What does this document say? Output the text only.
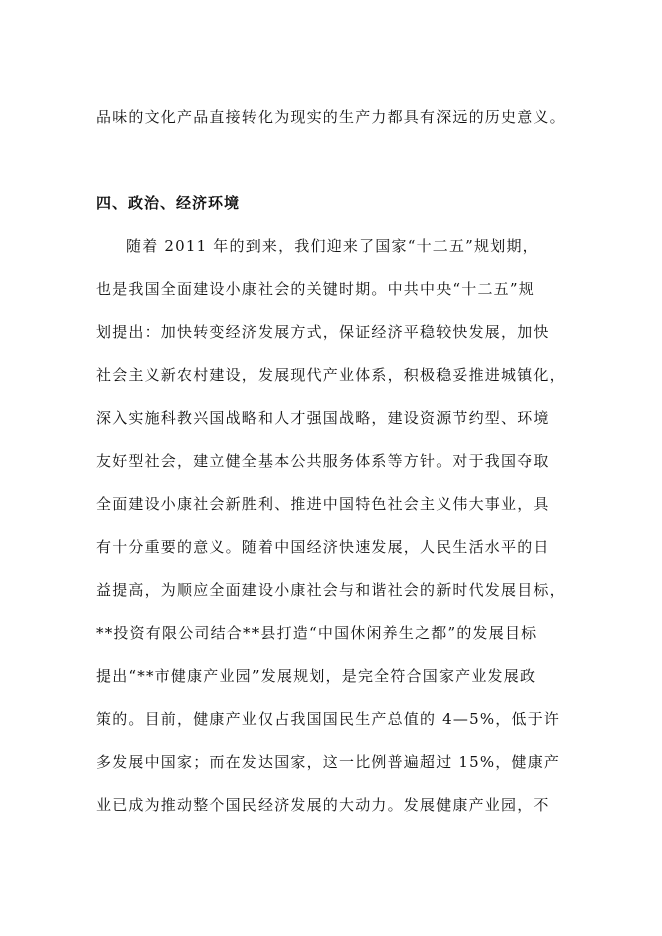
品味的文化产品直接转化为现实的生产力都具有深远的历史意义。
四、政治、经济环境
随着 2011 年的到来，我们迎来了国家“十二五”规划期，
也是我国全面建设小康社会的关键时期。中共中央“十二五”规
划提出：加快转变经济发展方式，保证经济平稳较快发展，加快
社会主义新农村建设，发展现代产业体系，积极稳妥推进城镇化，
深入实施科教兴国战略和人才强国战略，建设资源节约型、环境
友好型社会，建立健全基本公共服务体系等方针。对于我国夺取
全面建设小康社会新胜利、推进中国特色社会主义伟大事业，具
有十分重要的意义。随着中国经济快速发展，人民生活水平的日
益提高，为顺应全面建设小康社会与和谐社会的新时代发展目标，
**投资有限公司结合**县打造“中国休闲养生之都”的发展目标
提出“**市健康产业园”发展规划，是完全符合国家产业发展政
策的。目前，健康产业仅占我国国民生产总值的 4—5%，低于许
多发展中国家；而在发达国家，这一比例普遍超过 15%，健康产
业已成为推动整个国民经济发展的大动力。发展健康产业园，不
